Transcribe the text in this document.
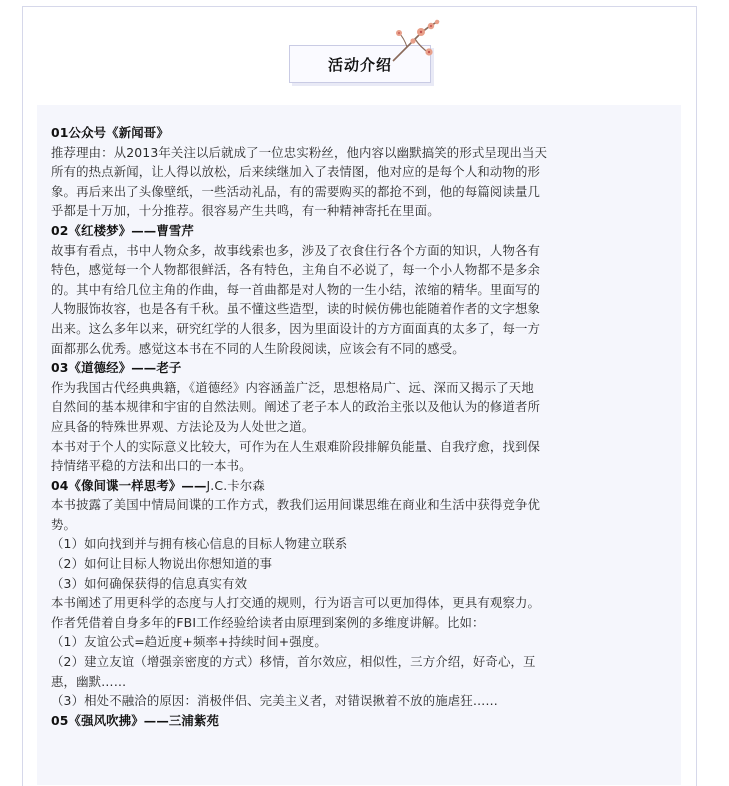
活动介绍
01公众号《新闻哥》
推荐理由：从2013年关注以后就成了一位忠实粉丝，他内容以幽默搞笑的形式呈现出当天
所有的热点新闻，让人得以放松，后来续继加入了表情图，他对应的是每个人和动物的形
象。再后来出了头像壁纸，一些活动礼品，有的需要购买的都抢不到，他的每篇阅读量几
乎都是十万加，十分推荐。很容易产生共鸣，有一种精神寄托在里面。
02《红楼梦》——曹雪芹
故事有看点，书中人物众多，故事线索也多，涉及了衣食住行各个方面的知识，人物各有
特色，感觉每一个人物都很鲜活，各有特色，主角自不必说了，每一个小人物都不是多余
的。其中有给几位主角的作曲，每一首曲都是对人物的一生小结，浓缩的精华。里面写的
人物服饰妆容，也是各有千秋。虽不懂这些造型，读的时候仿佛也能随着作者的文字想象
出来。这么多年以来，研究红学的人很多，因为里面设计的方方面面真的太多了，每一方
面都那么优秀。感觉这本书在不同的人生阶段阅读，应该会有不同的感受。
03《道德经》——老子
作为我国古代经典典籍，《道德经》内容涵盖广泛，思想格局广、远、深而又揭示了天地
自然间的基本规律和宇宙的自然法则。阐述了老子本人的政治主张以及他认为的修道者所
应具备的特殊世界观、方法论及为人处世之道。
本书对于个人的实际意义比较大，可作为在人生艰难阶段排解负能量、自我疗愈，找到保
持情绪平稳的方法和出口的一本书。
04《像间谍一样思考》——J.C.卡尔森
本书披露了美国中情局间谍的工作方式，教我们运用间谍思维在商业和生活中获得竞争优
势。
（1）如向找到并与拥有核心信息的目标人物建立联系
（2）如何让目标人物说出你想知道的事
（3）如何确保获得的信息真实有效
本书阐述了用更科学的态度与人打交通的规则，行为语言可以更加得体，更具有观察力。
作者凭借着自身多年的FBI工作经验给读者由原理到案例的多维度讲解。比如：
（1）友谊公式=趋近度+频率+持续时间+强度。
（2）建立友谊（增强亲密度的方式）移情，首尔效应，相似性，三方介绍，好奇心，互
惠，幽默……
（3）相处不融洽的原因：消极伴侣、完美主义者，对错误揪着不放的施虐狂……
05《强风吹拂》——三浦紫苑
